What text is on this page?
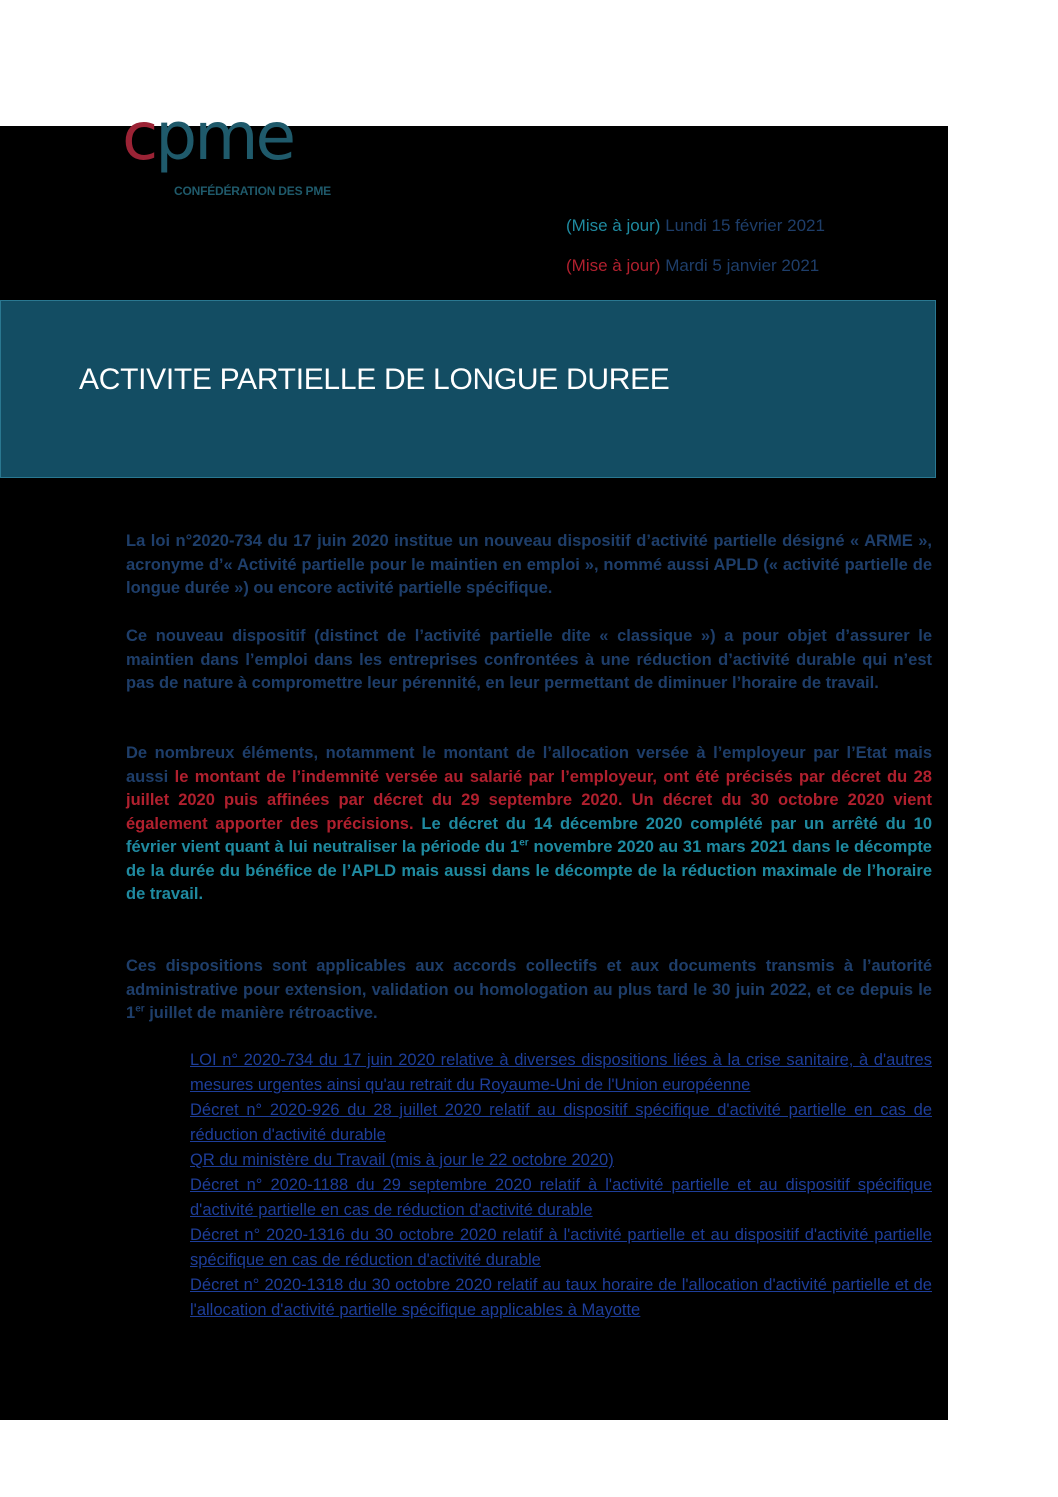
cpme
CONFÉDÉRATION DES PME
(Mise à jour) Lundi 15 février 2021
(Mise à jour) Mardi 5 janvier 2021
ACTIVITE PARTIELLE DE LONGUE DUREE

La loi n°2020-734 du 17 juin 2020 institue un nouveau dispositif d’activité partielle désigné « ARME », acronyme d’« Activité partielle pour le maintien en emploi », nommé aussi APLD (« activité partielle de longue durée ») ou encore activité partielle spécifique.

Ce nouveau dispositif (distinct de l’activité partielle dite « classique ») a pour objet d’assurer le maintien dans l’emploi dans les entreprises confrontées à une réduction d’activité durable qui n’est pas de nature à compromettre leur pérennité, en leur permettant de diminuer l’horaire de travail.

De nombreux éléments, notamment le montant de l’allocation versée à l’employeur par l’Etat mais aussi le montant de l’indemnité versée au salarié par l’employeur, ont été précisés par décret du 28 juillet 2020 puis affinées par décret du 29 septembre 2020. Un décret du 30 octobre 2020 vient également apporter des précisions. Le décret du 14 décembre 2020 complété par un arrêté du 10 février vient quant à lui neutraliser la période du 1er novembre 2020 au 31 mars 2021 dans le décompte de la durée du bénéfice de l’APLD mais aussi dans le décompte de la réduction maximale de l’horaire de travail.

Ces dispositions sont applicables aux accords collectifs et aux documents transmis à l’autorité administrative pour extension, validation ou homologation au plus tard le 30 juin 2022, et ce depuis le 1er juillet de manière rétroactive.

LOI n° 2020-734 du 17 juin 2020 relative à diverses dispositions liées à la crise sanitaire, à d'autres mesures urgentes ainsi qu'au retrait du Royaume-Uni de l'Union européenne
Décret n° 2020-926 du 28 juillet 2020 relatif au dispositif spécifique d'activité partielle en cas de réduction d'activité durable
QR du ministère du Travail (mis à jour le 22 octobre 2020)
Décret n° 2020-1188 du 29 septembre 2020 relatif à l'activité partielle et au dispositif spécifique d'activité partielle en cas de réduction d'activité durable
Décret n° 2020-1316 du 30 octobre 2020 relatif à l'activité partielle et au dispositif d'activité partielle spécifique en cas de réduction d'activité durable
Décret n° 2020-1318 du 30 octobre 2020 relatif au taux horaire de l'allocation d'activité partielle et de l'allocation d'activité partielle spécifique applicables à Mayotte
